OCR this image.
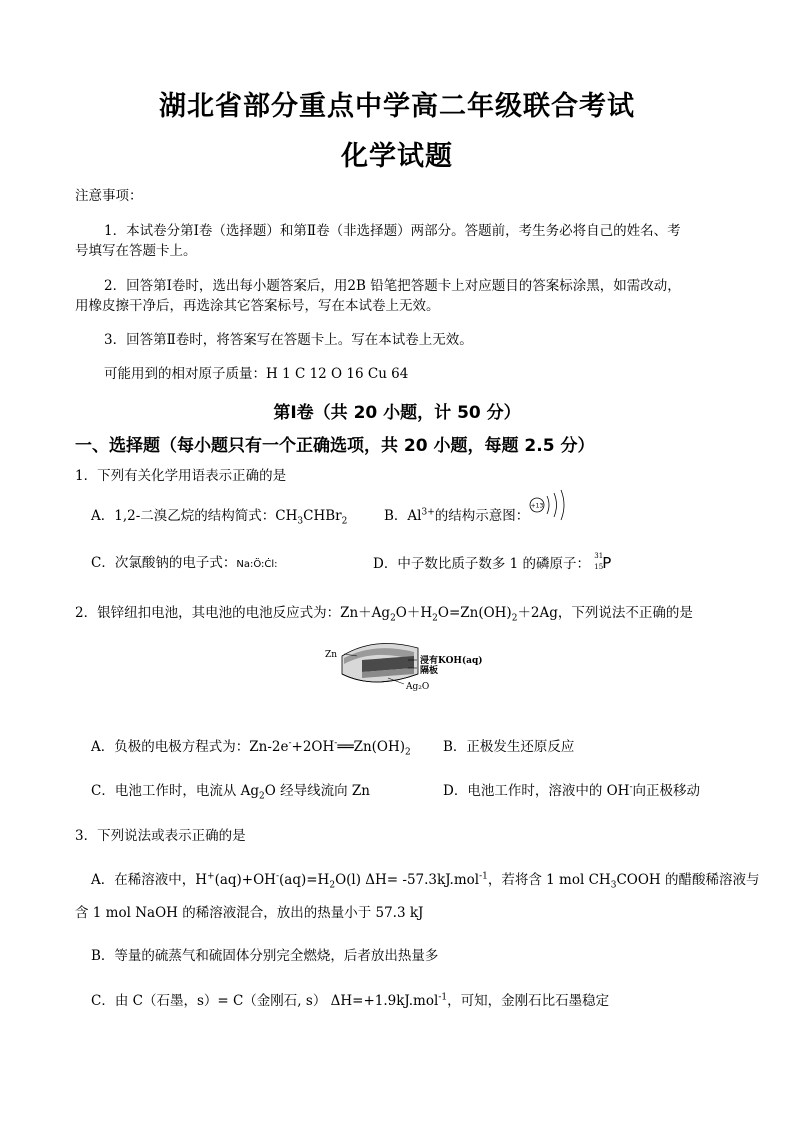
湖北省部分重点中学高二年级联合考试
化学试题
注意事项：
1．本试卷分第Ⅰ卷（选择题）和第Ⅱ卷（非选择题）两部分。答题前，考生务必将自己的姓名、考
号填写在答题卡上。
2．回答第Ⅰ卷时，选出每小题答案后，用2B 铅笔把答题卡上对应题目的答案标涂黑，如需改动，
用橡皮擦干净后，再选涂其它答案标号，写在本试卷上无效。
3．回答第Ⅱ卷时，将答案写在答题卡上。写在本试卷上无效。
可能用到的相对原子质量：H 1 C 12 O 16 Cu 64
第Ⅰ卷（共 20 小题，计 50 分）
一、选择题（每小题只有一个正确选项，共 20 小题，每题 2.5 分）
1．下列有关化学用语表示正确的是
A．1,2-二溴乙烷的结构简式：$CH_3CHBr_2$	B．$Al^{3+}$的结构示意图：
+13
C．次氯酸钠的电子式：Na:Ö:Ċl:	D．中子数比质子数多 1 的磷原子： 31
15 P
2．银锌纽扣电池，其电池的电池反应式为：$Zn+Ag_2O+H_2O=Zn(OH)_2+2Ag$，下列说法不正确的是
Zn
浸有KOH(aq)
隔板
Ag₂O
A．负极的电极方程式为：$Zn-2e^-+2OH^-══Zn(OH)_2$ B．正极发生还原反应
C．电池工作时，电流从 $Ag_2O$ 经导线流向 Zn	D．电池工作时，溶液中的 OH-向正极移动
3．下列说法或表示正确的是
A．在稀溶液中，$H^+(aq)+OH^-(aq)=H_2O(l)$ ΔH= -57.3kJ.mol$^{-1}$，若将含 1 mol $CH_3COOH$ 的醋酸稀溶液与
含 1 mol NaOH 的稀溶液混合，放出的热量小于 57.3 kJ
B．等量的硫蒸气和硫固体分别完全燃烧，后者放出热量多
C．由 C（石墨，s）= C（金刚石, s） ΔH=+1.9kJ.mol$^{-1}$，可知，金刚石比石墨稳定
